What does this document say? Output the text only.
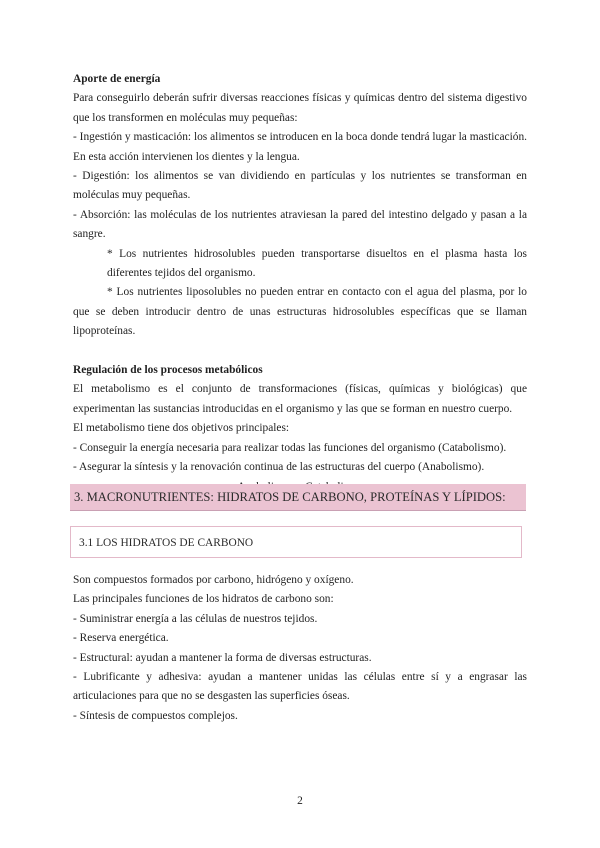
Aporte de energía

Para conseguirlo deberán sufrir diversas reacciones físicas y químicas dentro del sistema digestivo que los transformen en moléculas muy pequeñas:

- Ingestión y masticación: los alimentos se introducen en la boca donde tendrá lugar la masticación. En esta acción intervienen los dientes y la lengua.

- Digestión: los alimentos se van dividiendo en partículas y los nutrientes se transforman en moléculas muy pequeñas.

- Absorción: las moléculas de los nutrientes atraviesan la pared del intestino delgado y pasan a la sangre.

* Los nutrientes hidrosolubles pueden transportarse disueltos en el plasma hasta los diferentes tejidos del organismo.

* Los nutrientes liposolubles no pueden entrar en contacto con el agua del plasma, por lo que se deben introducir dentro de unas estructuras hidrosolubles específicas que se llaman lipoproteínas.

Regulación de los procesos metabólicos

El metabolismo es el conjunto de transformaciones (físicas, químicas y biológicas) que experimentan las sustancias introducidas en el organismo y las que se forman en nuestro cuerpo.

El metabolismo tiene dos objetivos principales:

- Conseguir la energía necesaria para realizar todas las funciones del organismo (Catabolismo).

- Asegurar la síntesis y la renovación continua de las estructuras del cuerpo (Anabolismo).

3. MACRONUTRIENTES: HIDRATOS DE CARBONO, PROTEÍNAS Y LÍPIDOS:
3.1 LOS HIDRATOS DE CARBONO

Son compuestos formados por carbono, hidrógeno y oxígeno.

Las principales funciones de los hidratos de carbono son:

- Suministrar energía a las células de nuestros tejidos.

- Reserva energética.

- Estructural: ayudan a mantener la forma de diversas estructuras.

- Lubrificante y adhesiva: ayudan a mantener unidas las células entre sí y a engrasar las articulaciones para que no se desgasten las superficies óseas.

- Síntesis de compuestos complejos.

2
